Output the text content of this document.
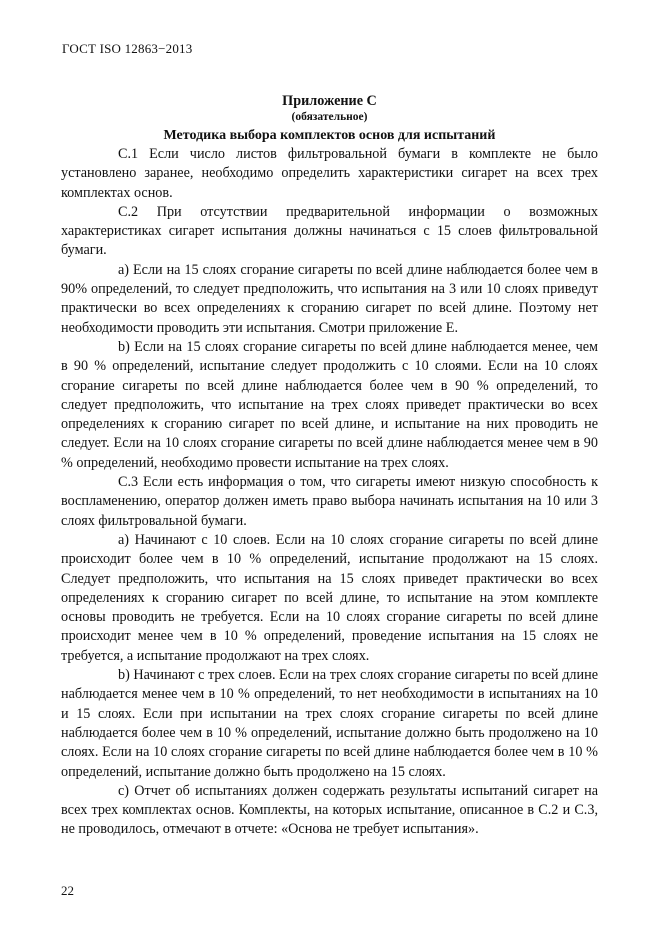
ГОСТ ISO 12863−2013
Приложение С
(обязательное)
Методика выбора комплектов основ для испытаний

С.1 Если число листов фильтровальной бумаги в комплекте не было установлено заранее, необходимо определить характеристики сигарет на всех трех комплектах основ.

С.2 При отсутствии предварительной информации о возможных характеристиках сигарет испытания должны начинаться с 15 слоев фильтровальной бумаги.

а) Если на 15 слоях сгорание сигареты по всей длине наблюдается более чем в 90% определений, то следует предположить, что испытания на 3 или 10 слоях приведут практически во всех определениях к сгоранию сигарет по всей длине. Поэтому нет необходимости проводить эти испытания. Смотри приложение Е.

b) Если на 15 слоях сгорание сигареты по всей длине наблюдается менее, чем в 90 % определений, испытание следует продолжить с 10 слоями. Если на 10 слоях сгорание сигареты по всей длине наблюдается более чем в 90 % определений, то следует предположить, что испытание на трех слоях приведет практически во всех определениях к сгоранию сигарет по всей длине, и испытание на них проводить не следует. Если на 10 слоях сгорание сигареты по всей длине наблюдается менее чем в 90 % определений, необходимо провести испытание на трех слоях.

С.3 Если есть информация о том, что сигареты имеют низкую способность к воспламенению, оператор должен иметь право выбора начинать испытания на 10 или 3 слоях фильтровальной бумаги.

а) Начинают с 10 слоев. Если на 10 слоях сгорание сигареты по всей длине происходит более чем в 10 % определений, испытание продолжают на 15 слоях. Следует предположить, что испытания на 15 слоях приведет практически во всех определениях к сгоранию сигарет по всей длине, то испытание на этом комплекте основы проводить не требуется. Если на 10 слоях сгорание сигареты по всей длине происходит менее чем в 10 % определений, проведение испытания на 15 слоях не требуется, а испытание продолжают на трех слоях.

b) Начинают с трех слоев. Если на трех слоях сгорание сигареты по всей длине наблюдается менее чем в 10 % определений, то нет необходимости в испытаниях на 10 и 15 слоях. Если при испытании на трех слоях сгорание сигареты по всей длине наблюдается более чем в 10 % определений, испытание должно быть продолжено на 10 слоях. Если на 10 слоях сгорание сигареты по всей длине наблюдается более чем в 10 % определений, испытание должно быть продолжено на 15 слоях.

с) Отчет об испытаниях должен содержать результаты испытаний сигарет на всех трех комплектах основ. Комплекты, на которых испытание, описанное в С.2 и С.3, не проводилось, отмечают в отчете: «Основа не требует испытания».

22
